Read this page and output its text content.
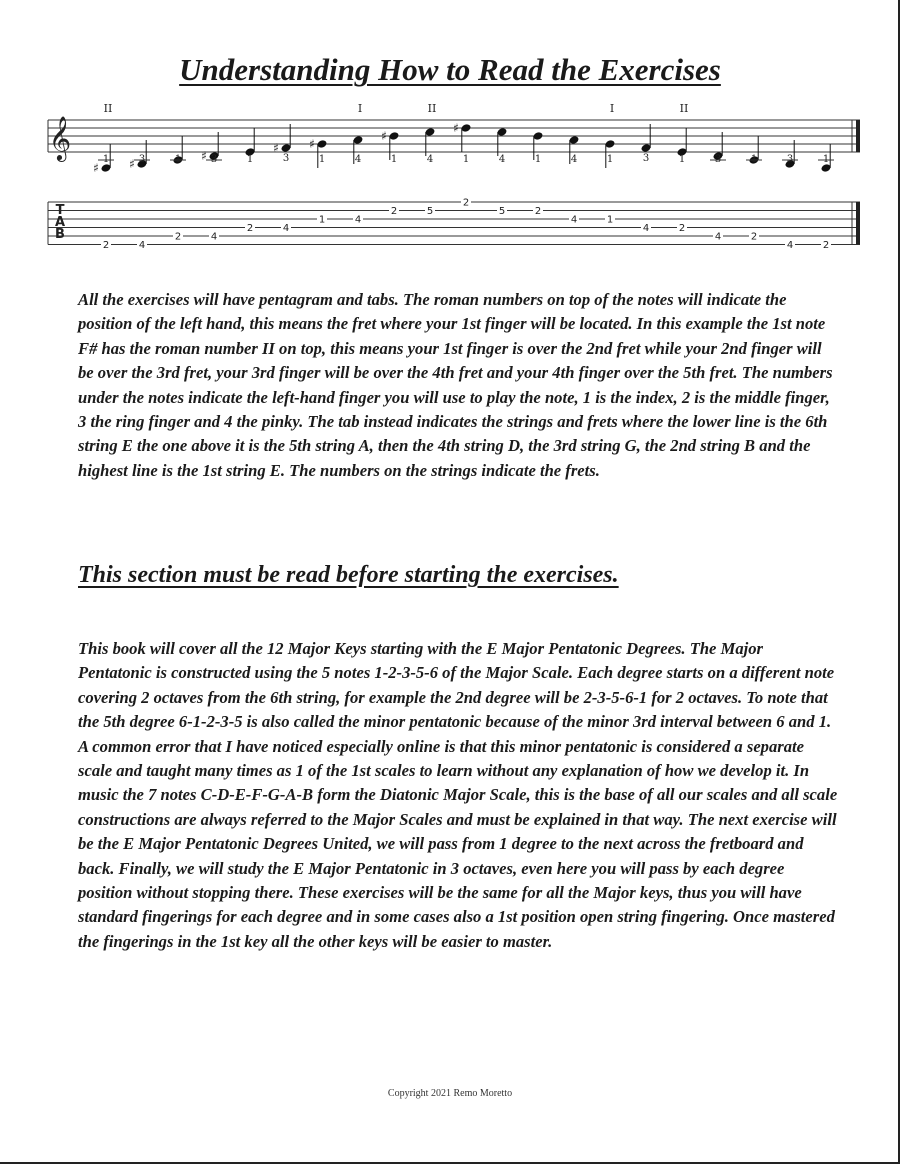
Understanding How to Read the Exercises
𝄞
♯
1
II
♯ 3	1 ♯ 3	1
♯
3
♯
1	4
I
♯
1	4
II
♯
1	4	1	4	1
I
3	1
II
3	1	3	1
T
A
B
2	4
2	4
2	4
1	4
2	5
2
5	2
4	1
4	2
4	2
4	2

All the exercises will have pentagram and tabs. The roman numbers on top of the notes will indicate the position of the left hand, this means the fret where your 1st finger will be located. In this example the 1st note F# has the roman number II on top, this means your 1st finger is over the 2nd fret while your 2nd finger will be over the 3rd fret, your 3rd finger will be over the 4th fret and your 4th finger over the 5th fret. The numbers under the notes indicate the left-hand finger you will use to play the note, 1 is the index, 2 is the middle finger, 3 the ring finger and 4 the pinky. The tab instead indicates the strings and frets where the lower line is the 6th string E the one above it is the 5th string A, then the 4th string D, the 3rd string G, the 2nd string B and the highest line is the 1st string E. The numbers on the strings indicate the frets.

This section must be read before starting the exercises.

This book will cover all the 12 Major Keys starting with the E Major Pentatonic Degrees. The Major Pentatonic is constructed using the 5 notes 1-2-3-5-6 of the Major Scale. Each degree starts on a different note covering 2 octaves from the 6th string, for example the 2nd degree will be 2-3-5-6-1 for 2 octaves. To note that the 5th degree 6-1-2-3-5 is also called the minor pentatonic because of the minor 3rd interval between 6 and 1. A common error that I have noticed especially online is that this minor pentatonic is considered a separate scale and taught many times as 1 of the 1st scales to learn without any explanation of how we develop it. In music the 7 notes C-D-E-F-G-A-B form the Diatonic Major Scale, this is the base of all our scales and all scale constructions are always referred to the Major Scales and must be explained in that way. The next exercise will be the E Major Pentatonic Degrees United, we will pass from 1 degree to the next across the fretboard and back. Finally, we will study the E Major Pentatonic in 3 octaves, even here you will pass by each degree position without stopping there. These exercises will be the same for all the Major keys, thus you will have standard fingerings for each degree and in some cases also a 1st position open string fingering. Once mastered the fingerings in the 1st key all the other keys will be easier to master.

Copyright 2021 Remo Moretto
